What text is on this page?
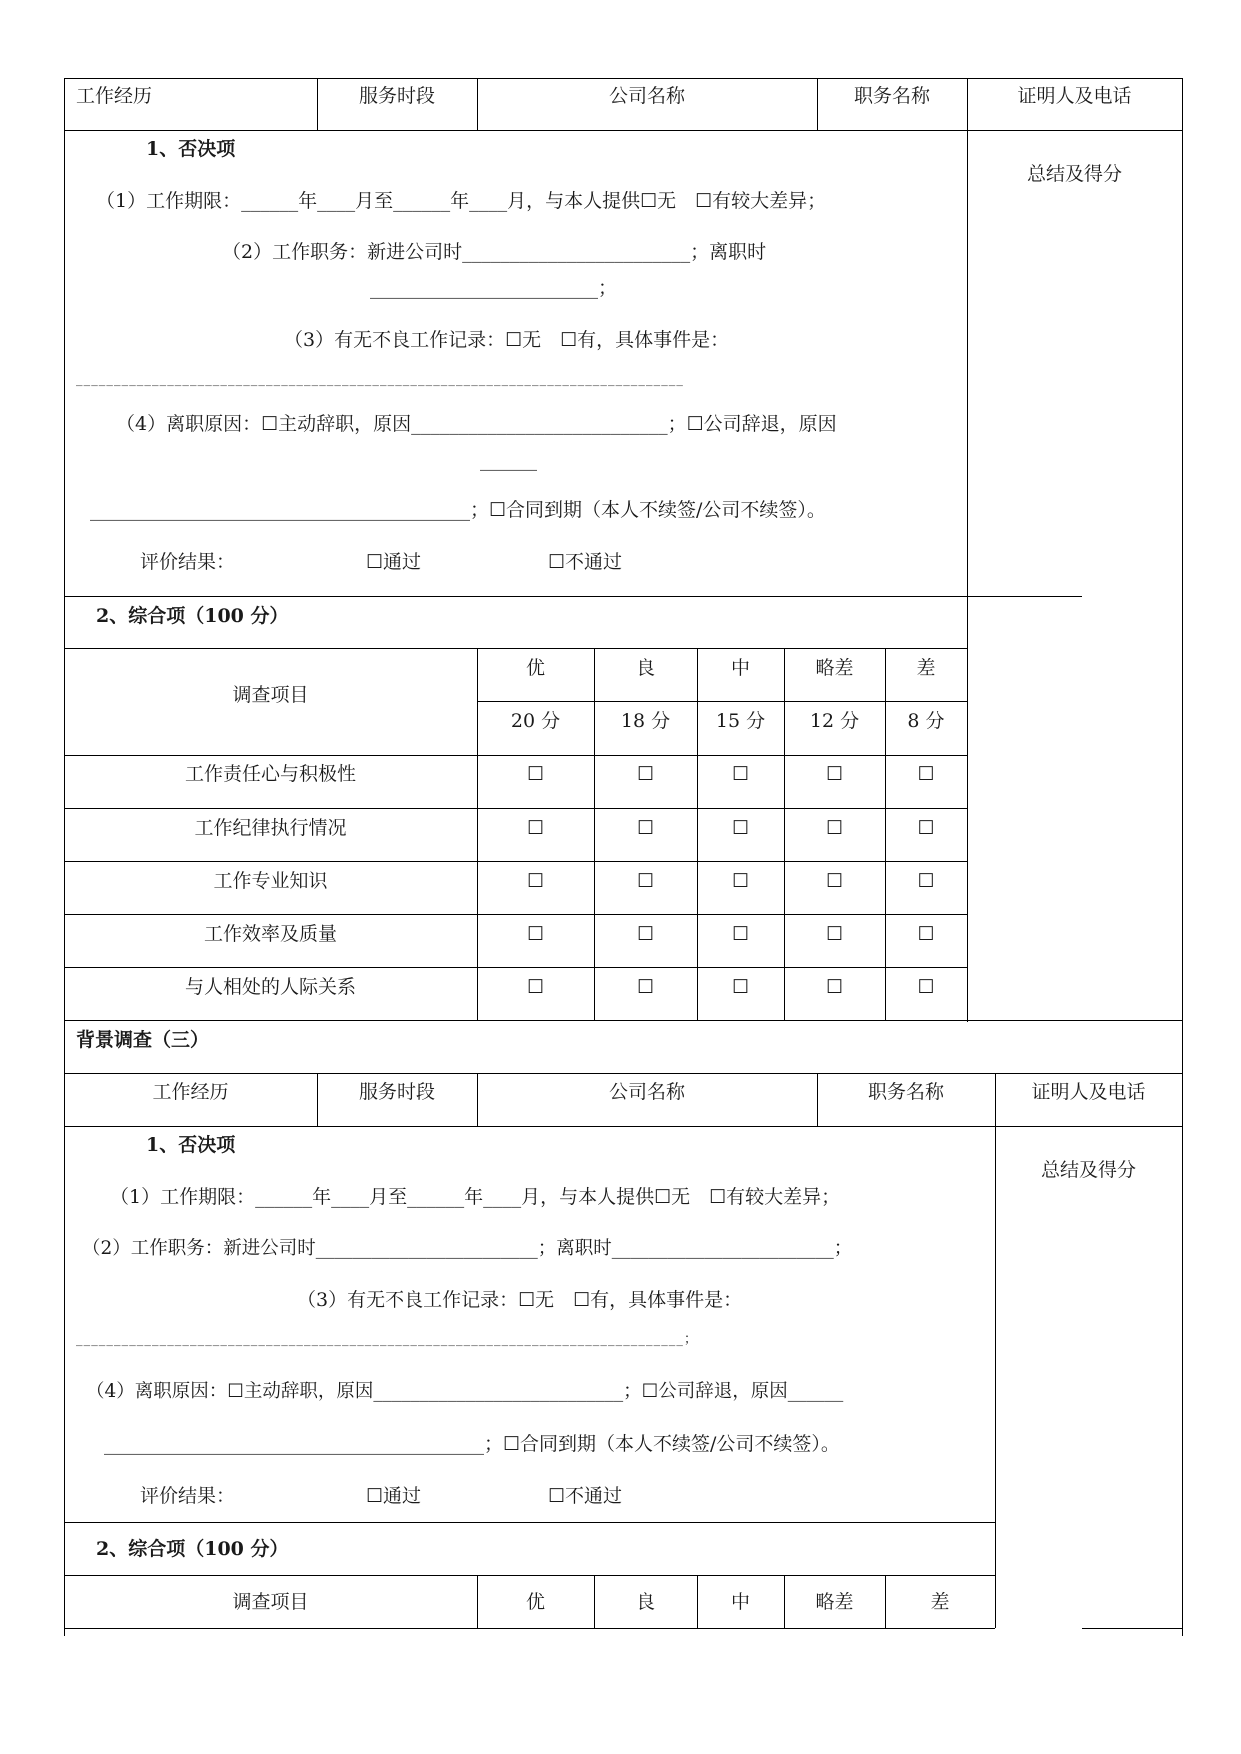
工作经历	服务时段	公司名称	职务名称	证明人及电话
1、否决项
总结及得分
（1）工作期限：______年____月至______年____月，与本人提供☐无　☐有较大差异；
（2）工作职务：新进公司时________________________；离职时
________________________；
（3）有无不良工作记录：☐无　☐有，具体事件是：
________________________________________________________________________________
（4）离职原因：☐主动辞职，原因___________________________；☐公司辞退，原因
______
________________________________________；☐合同到期（本人不续签/公司不续签）。
评价结果：	☐通过	☐不通过
2、综合项（100 分）
调查项目
优	良	中	略差	差
20 分	18 分	15 分	12 分	8 分
工作责任心与积极性	☐	☐	☐	☐	☐
工作纪律执行情况	☐	☐	☐	☐	☐
工作专业知识	☐	☐	☐	☐	☐
工作效率及质量	☐	☐	☐	☐	☐
与人相处的人际关系	☐	☐	☐	☐	☐
背景调查（三）
工作经历	服务时段	公司名称	职务名称	证明人及电话
1、否决项
总结及得分
（1）工作期限：______年____月至______年____月，与本人提供☐无　☐有较大差异；
（2）工作职务：新进公司时________________________；离职时________________________；
（3）有无不良工作记录：☐无　☐有，具体事件是：
________________________________________________________________________________；
（4）离职原因：☐主动辞职，原因___________________________；☐公司辞退，原因______
________________________________________；☐合同到期（本人不续签/公司不续签）。
评价结果：	☐通过	☐不通过
2、综合项（100 分）
调查项目	优	良	中	略差	差
